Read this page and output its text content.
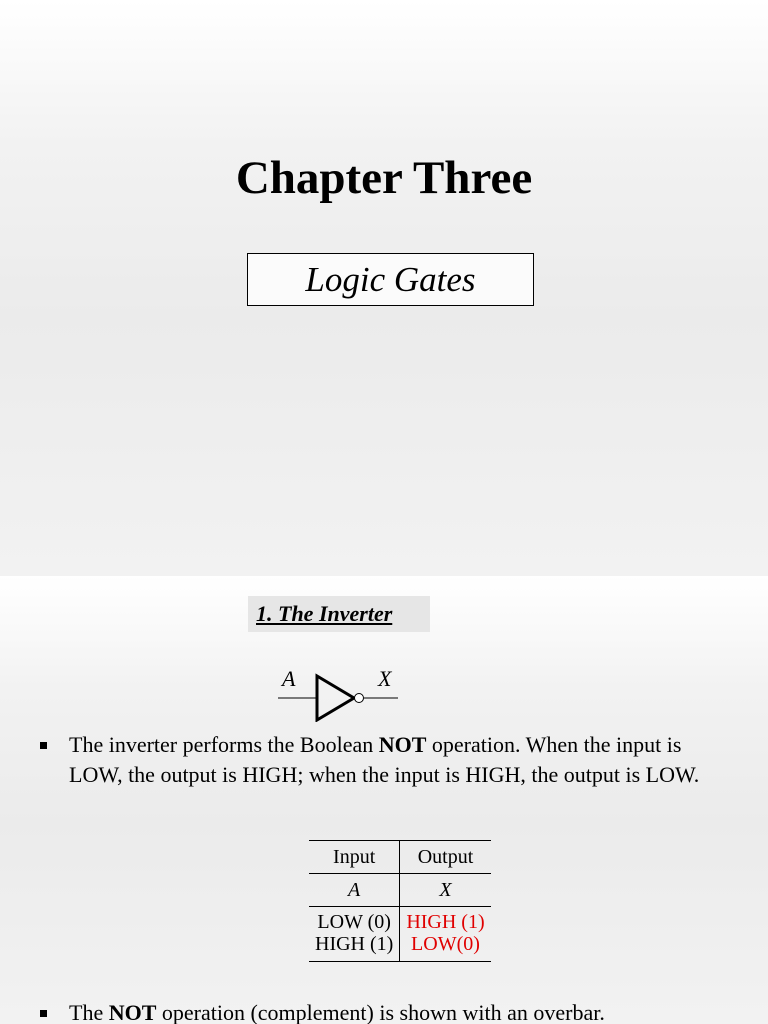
Chapter Three
Logic Gates
1. The Inverter
A	X
The inverter performs the Boolean NOT operation. When the input is LOW, the output is HIGH; when the input is HIGH, the output is LOW.
Input	Output
A	X
LOW (0)	HIGH (1)
HIGH (1)	LOW(0)
The NOT operation (complement) is shown with an overbar.
